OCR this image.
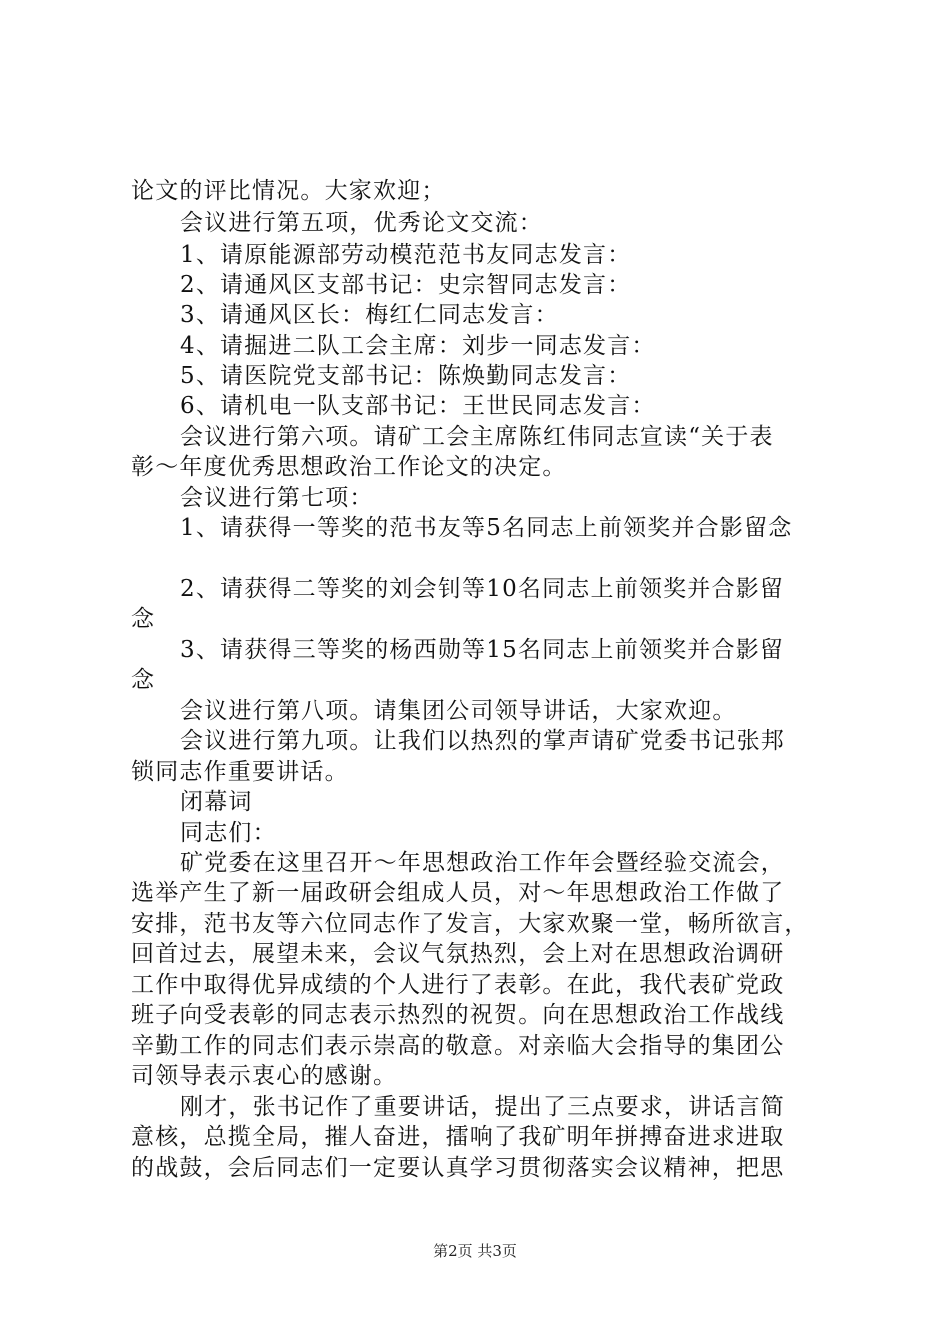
论文的评比情况。大家欢迎；
会议进行第五项，优秀论文交流：
1、请原能源部劳动模范范书友同志发言：
2、请通风区支部书记：史宗智同志发言：
3、请通风区长：梅红仁同志发言：
4、请掘进二队工会主席：刘步一同志发言：
5、请医院党支部书记：陈焕勤同志发言：
6、请机电一队支部书记：王世民同志发言：
会议进行第六项。请矿工会主席陈红伟同志宣读“关于表
彰～年度优秀思想政治工作论文的决定。
会议进行第七项：
1、请获得一等奖的范书友等5名同志上前领奖并合影留念
2、请获得二等奖的刘会钊等10名同志上前领奖并合影留
念
3、请获得三等奖的杨西勋等15名同志上前领奖并合影留
念
会议进行第八项。请集团公司领导讲话，大家欢迎。
会议进行第九项。让我们以热烈的掌声请矿党委书记张邦
锁同志作重要讲话。
闭幕词
同志们：
矿党委在这里召开～年思想政治工作年会暨经验交流会，
选举产生了新一届政研会组成人员，对～年思想政治工作做了
安排，范书友等六位同志作了发言，大家欢聚一堂，畅所欲言，
回首过去，展望未来，会议气氛热烈，会上对在思想政治调研
工作中取得优异成绩的个人进行了表彰。在此，我代表矿党政
班子向受表彰的同志表示热烈的祝贺。向在思想政治工作战线
辛勤工作的同志们表示崇高的敬意。对亲临大会指导的集团公
司领导表示衷心的感谢。
刚才，张书记作了重要讲话，提出了三点要求，讲话言简
意核，总揽全局，摧人奋进，擂响了我矿明年拼搏奋进求进取
的战鼓，会后同志们一定要认真学习贯彻落实会议精神，把思
第2页 共3页
